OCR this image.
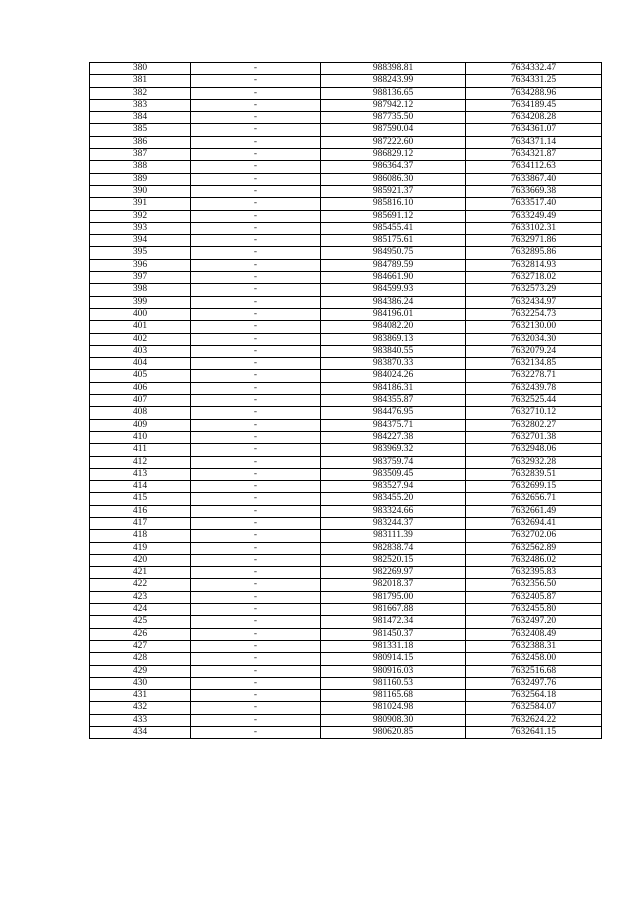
380	-	988398.81	7634332.47
381	-	988243.99	7634331.25
382	-	988136.65	7634288.96
383	-	987942.12	7634189.45
384	-	987735.50	7634208.28
385	-	987590.04	7634361.07
386	-	987222.60	7634371.14
387	-	986829.12	7634321.87
388	-	986364.37	7634112.63
389	-	986086.30	7633867.40
390	-	985921.37	7633669.38
391	-	985816.10	7633517.40
392	-	985691.12	7633249.49
393	-	985455.41	7633102.31
394	-	985175.61	7632971.86
395	-	984950.75	7632895.86
396	-	984789.59	7632814.93
397	-	984661.90	7632718.02
398	-	984599.93	7632573.29
399	-	984386.24	7632434.97
400	-	984196.01	7632254.73
401	-	984082.20	7632130.00
402	-	983869.13	7632034.30
403	-	983840.55	7632079.24
404	-	983870.33	7632134.85
405	-	984024.26	7632278.71
406	-	984186.31	7632439.78
407	-	984355.87	7632525.44
408	-	984476.95	7632710.12
409	-	984375.71	7632802.27
410	-	984227.38	7632701.38
411	-	983969.32	7632948.06
412	-	983759.74	7632932.28
413	-	983509.45	7632839.51
414	-	983527.94	7632699.15
415	-	983455.20	7632656.71
416	-	983324.66	7632661.49
417	-	983244.37	7632694.41
418	-	983111.39	7632702.06
419	-	982838.74	7632562.89
420	-	982520.15	7632486.02
421	-	982269.97	7632395.83
422	-	982018.37	7632356.50
423	-	981795.00	7632405.87
424	-	981667.88	7632455.80
425	-	981472.34	7632497.20
426	-	981450.37	7632408.49
427	-	981331.18	7632388.31
428	-	980914.15	7632458.00
429	-	980916.03	7632516.68
430	-	981160.53	7632497.76
431	-	981165.68	7632564.18
432	-	981024.98	7632584.07
433	-	980908.30	7632624.22
434	-	980620.85	7632641.15
